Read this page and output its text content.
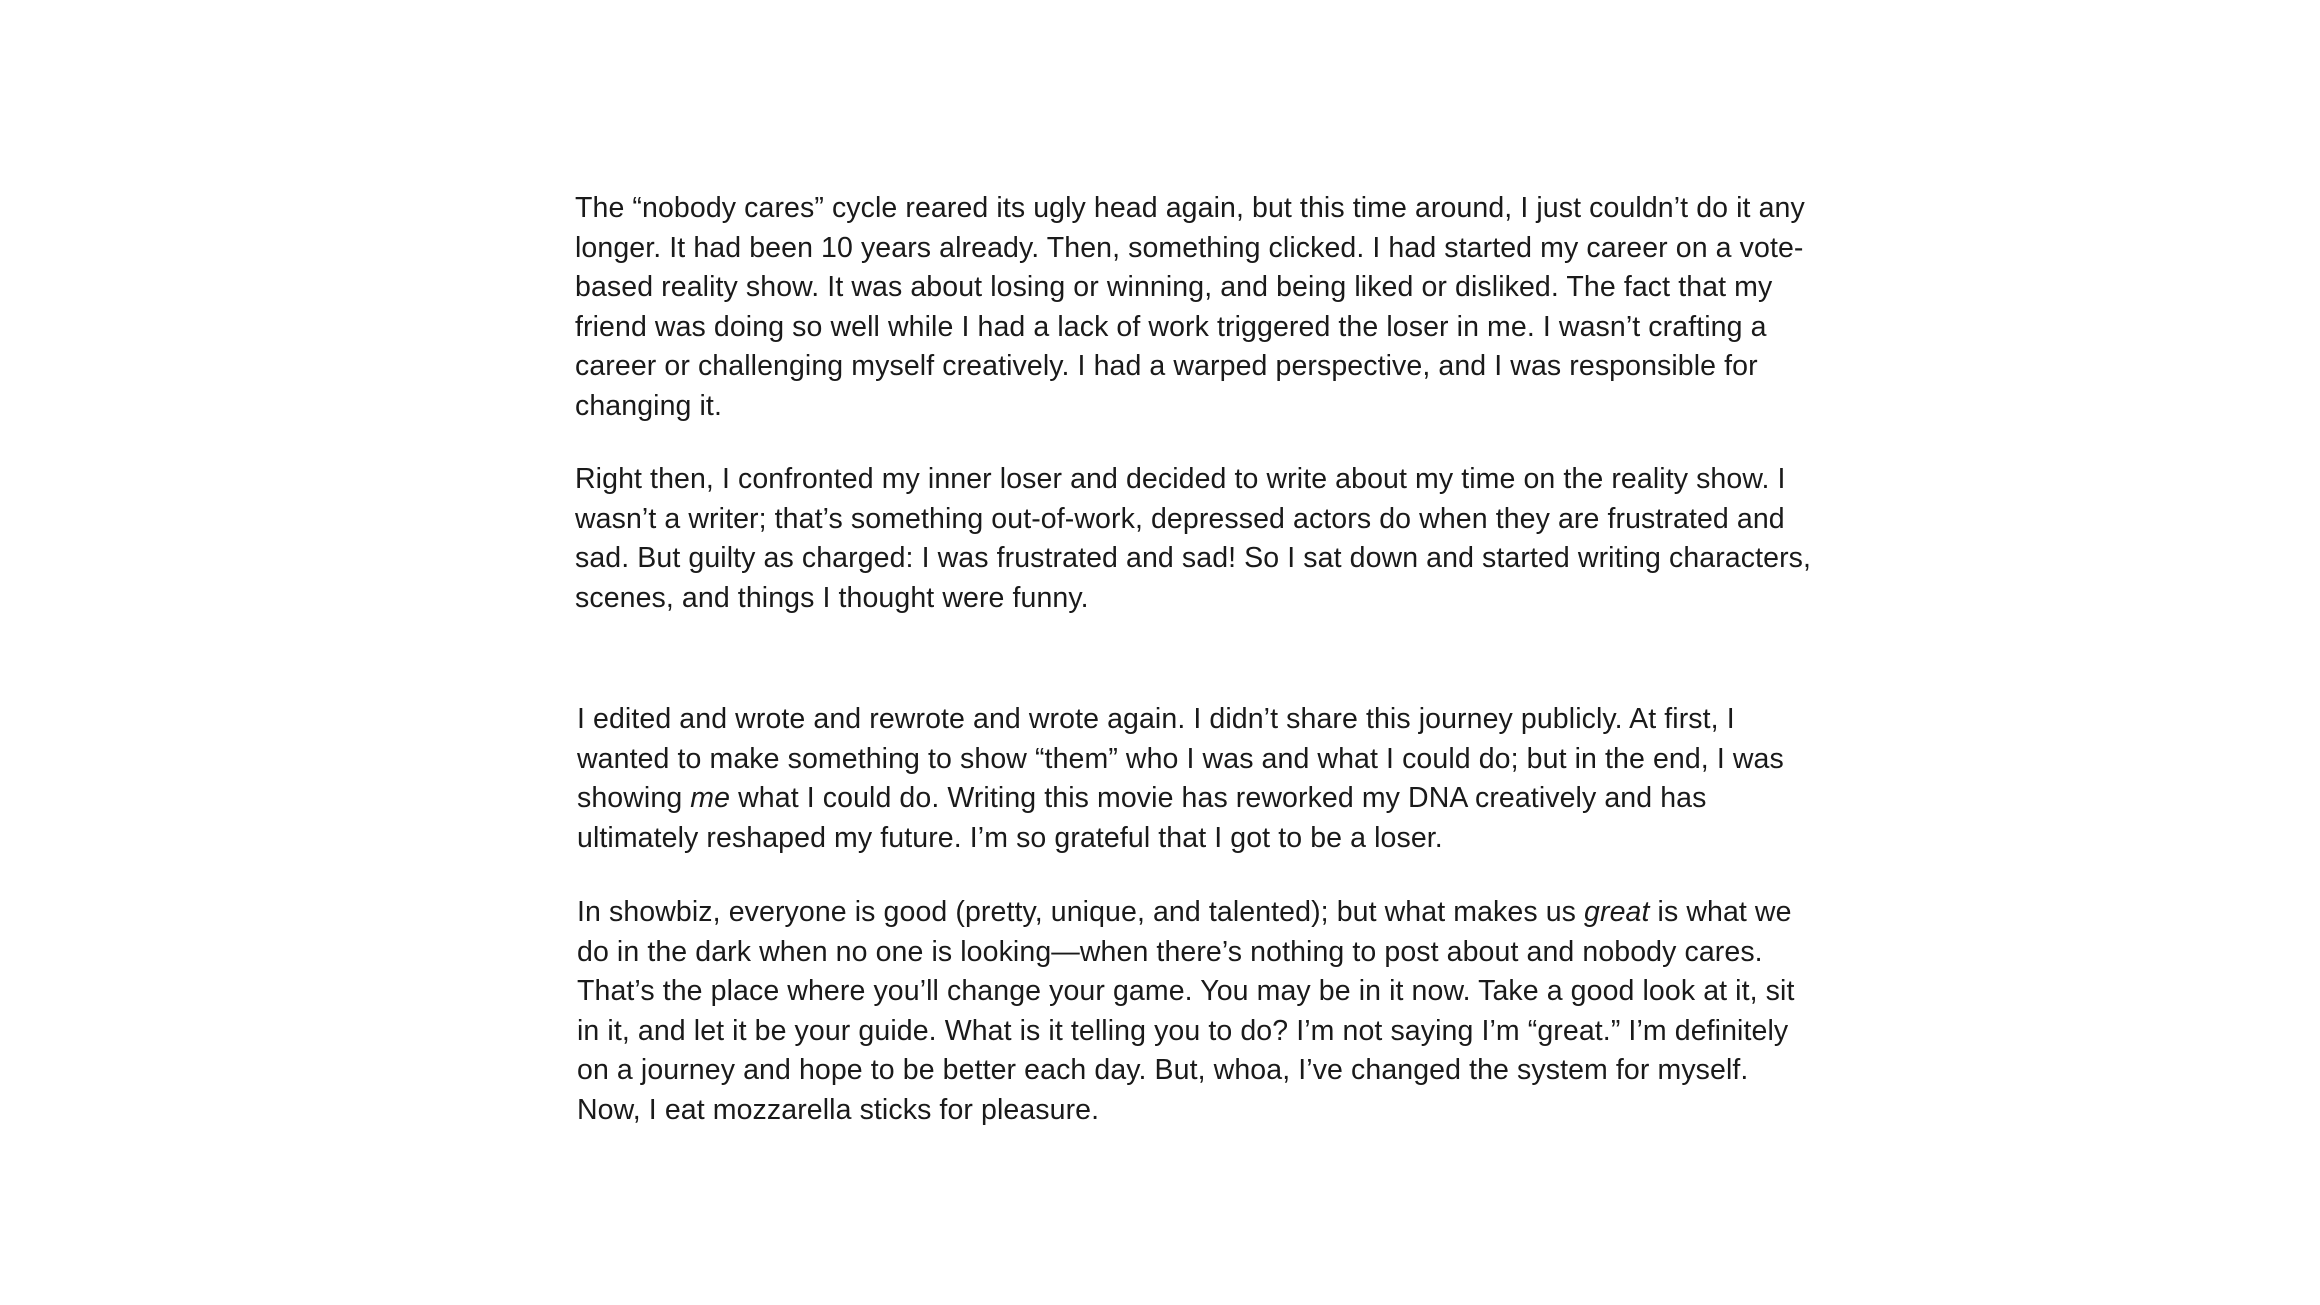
The “nobody cares” cycle reared its ugly head again, but this time around, I just couldn’t do it any longer. It had been 10 years already. Then, something clicked. I had started my career on a vote-based reality show. It was about losing or winning, and being liked or disliked. The fact that my friend was doing so well while I had a lack of work triggered the loser in me. I wasn’t crafting a career or challenging myself creatively. I had a warped perspective, and I was responsible for changing it.

Right then, I confronted my inner loser and decided to write about my time on the reality show. I wasn’t a writer; that’s something out-of-work, depressed actors do when they are frustrated and sad. But guilty as charged: I was frustrated and sad! So I sat down and started writing characters, scenes, and things I thought were funny.

I edited and wrote and rewrote and wrote again. I didn’t share this journey publicly. At first, I wanted to make something to show “them” who I was and what I could do; but in the end, I was showing me what I could do. Writing this movie has reworked my DNA creatively and has ultimately reshaped my future. I’m so grateful that I got to be a loser.

In showbiz, everyone is good (pretty, unique, and talented); but what makes us great is what we do in the dark when no one is looking—when there’s nothing to post about and nobody cares. That’s the place where you’ll change your game. You may be in it now. Take a good look at it, sit in it, and let it be your guide. What is it telling you to do? I’m not saying I’m “great.” I’m definitely on a journey and hope to be better each day. But, whoa, I’ve changed the system for myself. Now, I eat mozzarella sticks for pleasure.
